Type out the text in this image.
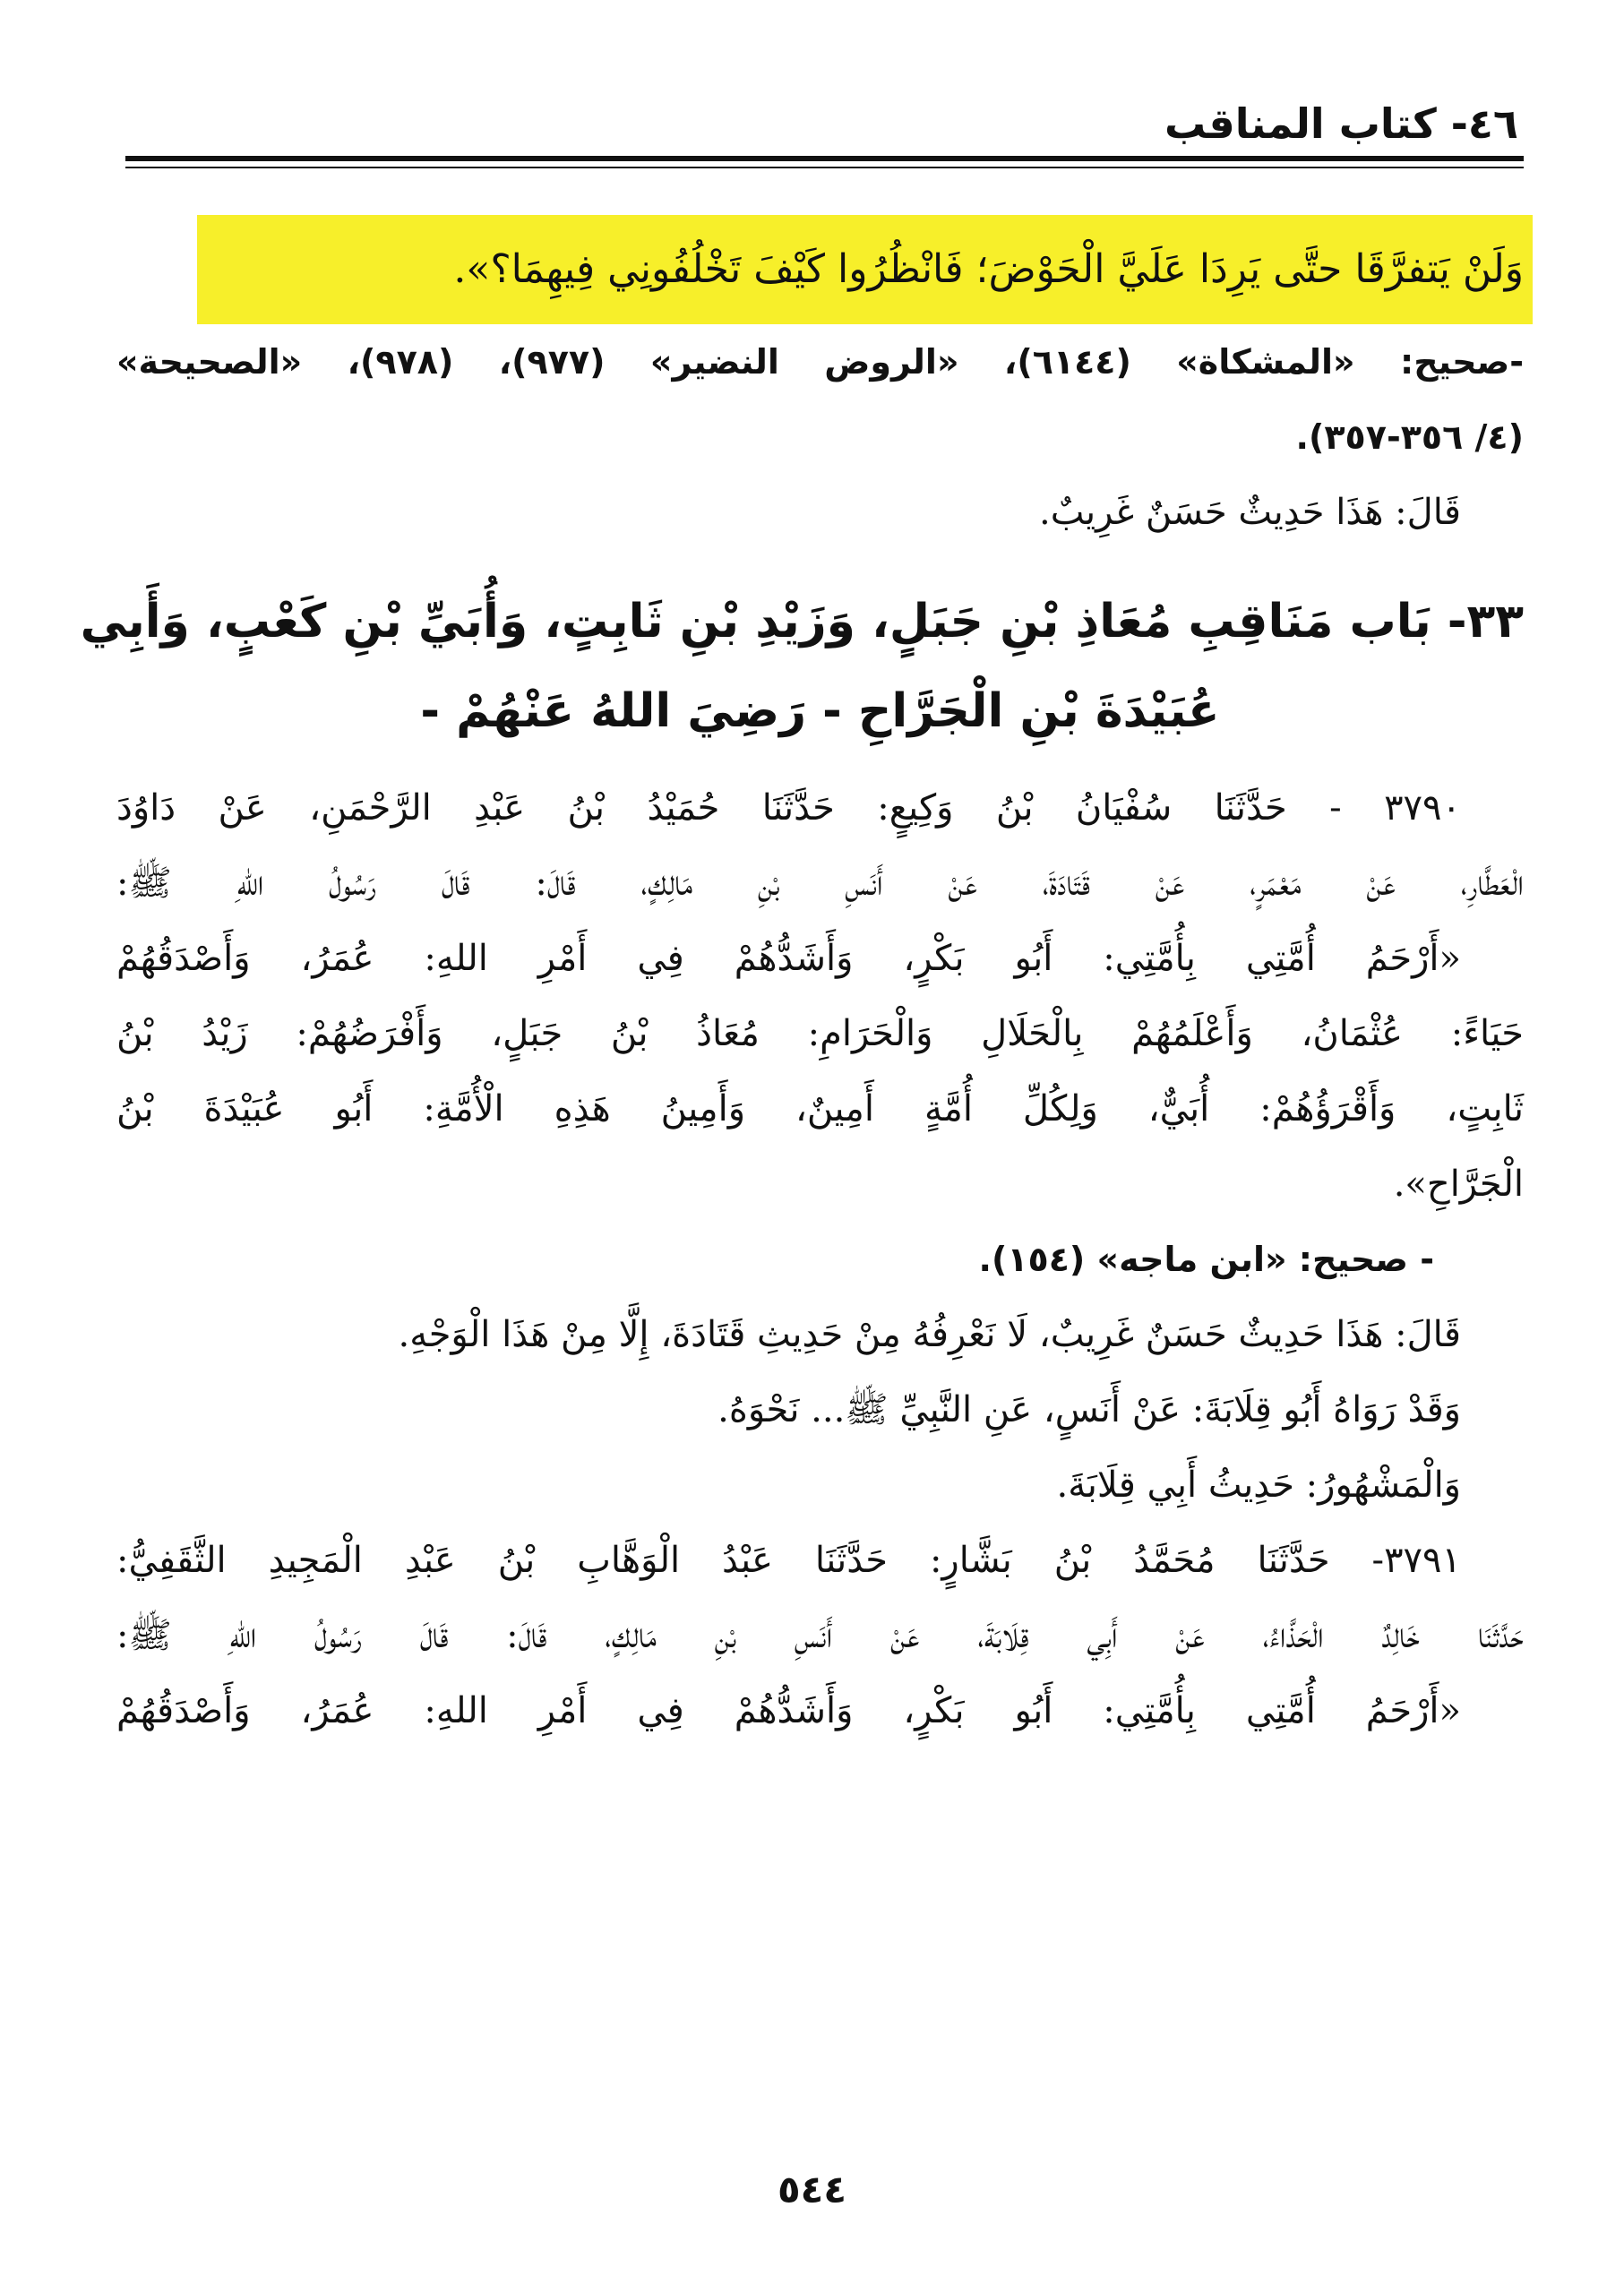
٤٦- كتاب المناقب
وَلَنْ يَتفرَّقَا حتَّى يَرِدَا عَلَيَّ الْحَوْضَ؛ فَانْظُرُوا كَيْفَ تَخْلُفُونِي فِيهِمَا؟».
-صحيح: «المشكاة» (٦١٤٤)، «الروض النضير» (٩٧٧)، (٩٧٨)، «الصحيحة»
(٤/ ٣٥٦-٣٥٧).
قَالَ: هَذَا حَدِيثٌ حَسَنٌ غَرِيبٌ.
٣٣- بَاب مَنَاقِبِ مُعَاذِ بْنِ جَبَلٍ، وَزَيْدِ بْنِ ثَابِتٍ، وَأُبَيِّ بْنِ كَعْبٍ، وَأَبِي
عُبَيْدَةَ بْنِ الْجَرَّاحِ - رَضِيَ اللهُ عَنْهُمْ -
٣٧٩٠ - حَدَّثَنَا سُفْيَانُ بْنُ وَكِيعٍ: حَدَّثَنَا حُمَيْدُ بْنُ عَبْدِ الرَّحْمَنِ، عَنْ دَاوُدَ
الْعَطَّارِ، عَنْ مَعْمَرٍ، عَنْ قَتَادَةَ، عَنْ أَنَسِ بْنِ مَالِكٍ، قَالَ: قَالَ رَسُولُ اللهِ ﷺ:
«أَرْحَمُ أُمَّتِي بِأُمَّتِي: أَبُو بَكْرٍ، وَأَشَدُّهُمْ فِي أَمْرِ اللهِ: عُمَرُ، وَأَصْدَقُهُمْ
حَيَاءً: عُثْمَانُ، وَأَعْلَمُهُمْ بِالْحَلَالِ وَالْحَرَامِ: مُعَاذُ بْنُ جَبَلٍ، وَأَفْرَضُهُمْ: زَيْدُ بْنُ
ثَابِتٍ، وَأَقْرَؤُهُمْ: أُبَيٌّ، وَلِكُلِّ أُمَّةٍ أَمِينٌ، وَأَمِينُ هَذِهِ الْأُمَّةِ: أَبُو عُبَيْدَةَ بْنُ
الْجَرَّاحِ».
- صحيح: «ابن ماجه» (١٥٤).
قَالَ: هَذَا حَدِيثٌ حَسَنٌ غَرِيبٌ، لَا نَعْرِفُهُ مِنْ حَدِيثِ قَتَادَةَ، إِلَّا مِنْ هَذَا الْوَجْهِ.
وَقَدْ رَوَاهُ أَبُو قِلَابَةَ: عَنْ أَنَسٍ، عَنِ النَّبِيِّ ﷺ... نَحْوَهُ.
وَالْمَشْهُورُ: حَدِيثُ أَبِي قِلَابَةَ.
٣٧٩١- حَدَّثَنَا مُحَمَّدُ بْنُ بَشَّارٍ: حَدَّثَنَا عَبْدُ الْوَهَّابِ بْنُ عَبْدِ الْمَجِيدِ الثَّقَفِيُّ:
حَدَّثَنَا خَالِدٌ الْحَذَّاءُ، عَنْ أَبِي قِلَابَةَ، عَنْ أَنَسِ بْنِ مَالِكٍ، قَالَ: قَالَ رَسُولُ اللهِ ﷺ:
«أَرْحَمُ أُمَّتِي بِأُمَّتِي: أَبُو بَكْرٍ، وَأَشَدُّهُمْ فِي أَمْرِ اللهِ: عُمَرُ، وَأَصْدَقُهُمْ
٥٤٤
